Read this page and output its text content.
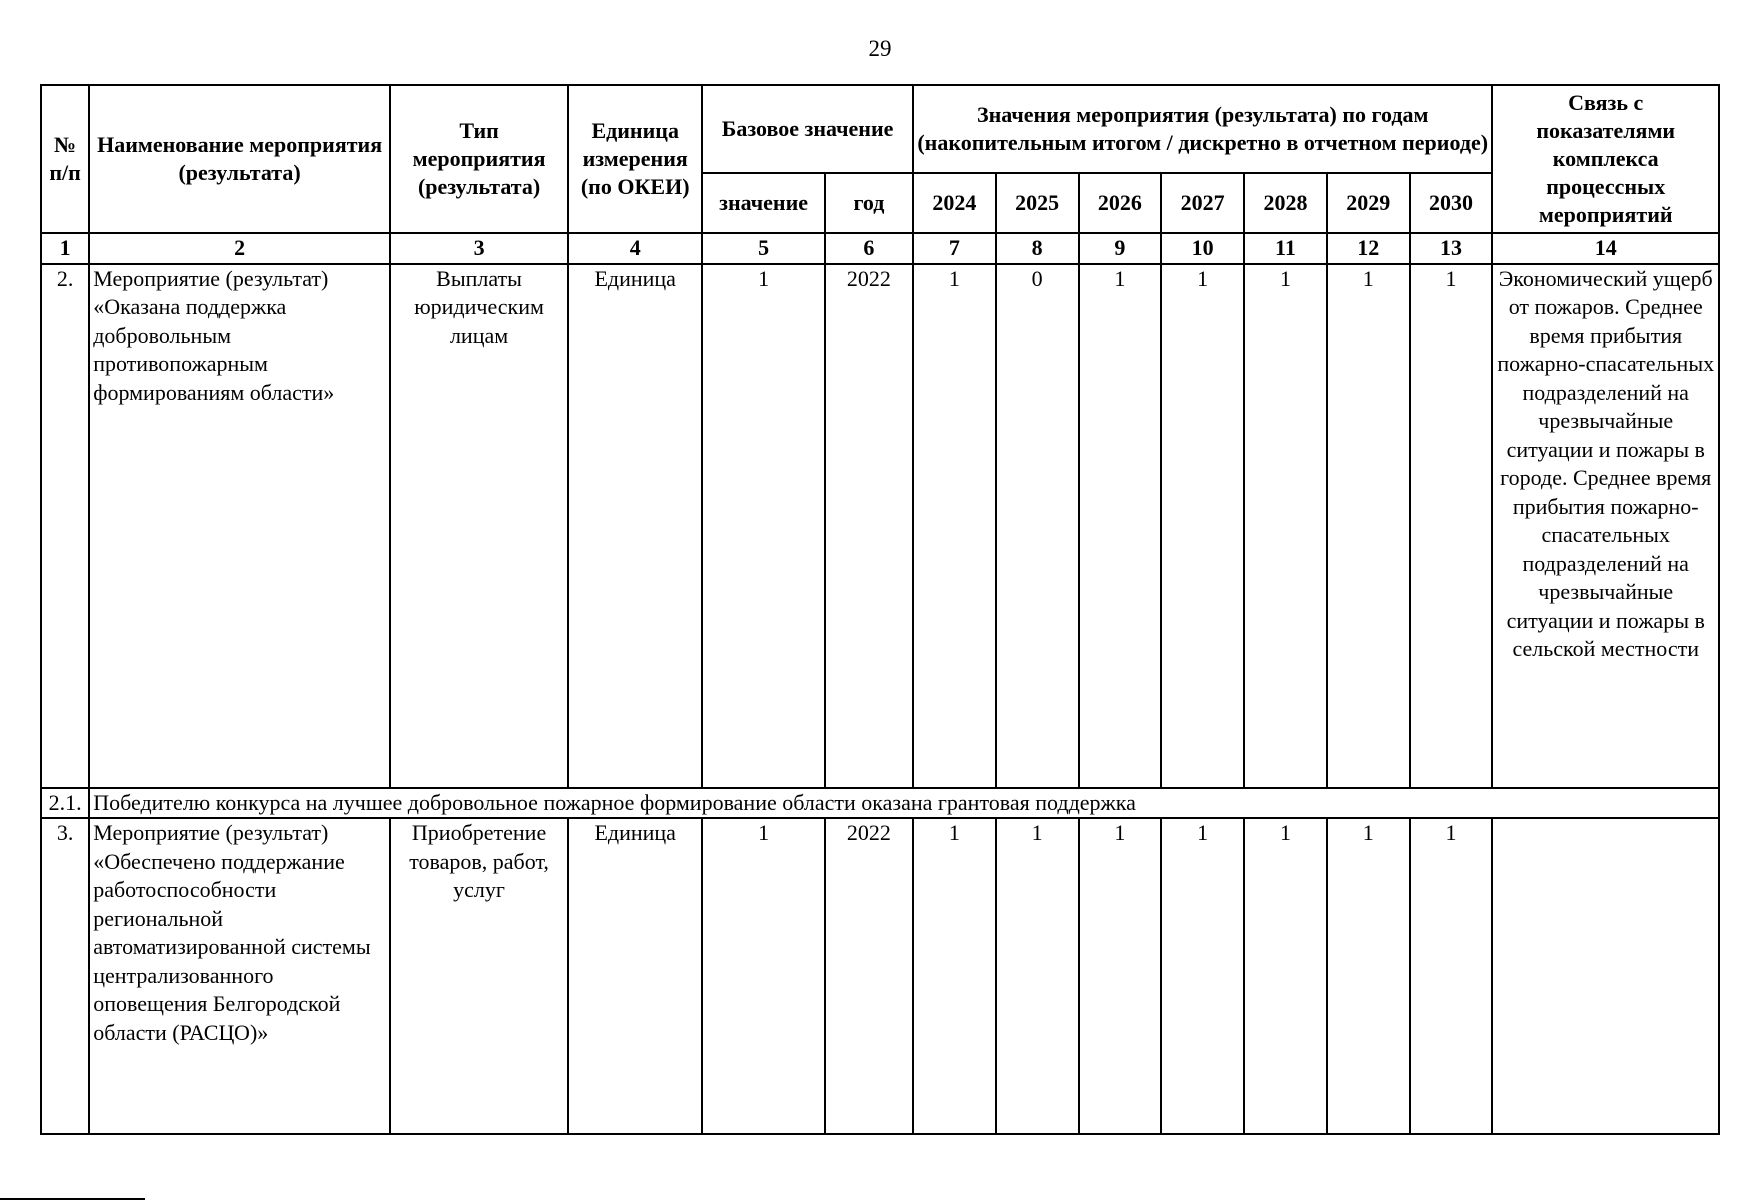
29
№ п/п	Наименование мероприятия (результата)	Тип мероприятия (результата)	Единица измерения (по ОКЕИ)	Базовое значение		Значения мероприятия (результата) по годам (накопительным итогом / дискретно в отчетном периоде)							Связь с показателями комплекса процессных мероприятий
				значение	год	2024	2025	2026	2027	2028	2029	2030	
1	2	3	4	5	6	7	8	9	10	11	12	13	14
2.	Мероприятие (результат) «Оказана поддержка добровольным противопожарным формированиям области»	Выплаты юридическим лицам	Единица	1	2022	1	0	1	1	1	1	1	Экономический ущерб от пожаров. Среднее время прибытия пожарно-спасательных подразделений на чрезвычайные ситуации и пожары в городе. Среднее время прибытия пожарно-спасательных подразделений на чрезвычайные ситуации и пожары в сельской местности
2.1.	Победителю конкурса на лучшее добровольное пожарное формирование области оказана грантовая поддержка												
3.	Мероприятие (результат) «Обеспечено поддержание работоспособности региональной автоматизированной системы централизованного оповещения Белгородской области (РАСЦО)»	Приобретение товаров, работ, услуг	Единица	1	2022	1	1	1	1	1	1	1	
